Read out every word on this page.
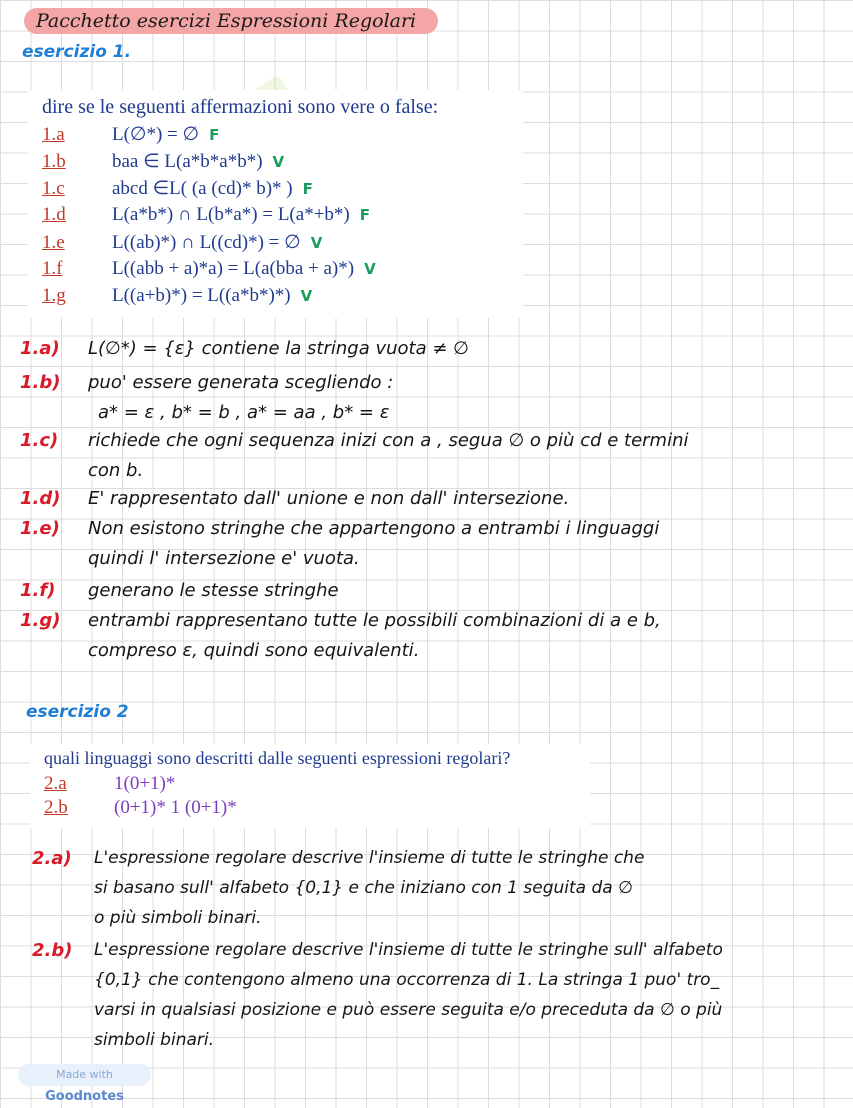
Pacchetto esercizi Espressioni Regolari
esercizio 1.

dire se le seguenti affermazioni sono vere o false:

1.a	L(∅*) = ∅ F
1.b	baa ∈ L(a*b*a*b*) V
1.c	abcd ∈L( (a (cd)* b)* ) F
1.d	L(a*b*) ∩ L(b*a*) = L(a*+b*) F
1.e	L((ab)*) ∩ L((cd)*) = ∅ V
1.f	L((abb + a)*a) = L(a(bba + a)*) V
1.g	L((a+b)*) = L((a*b*)*) V
1.a) L(∅*) = {ε} contiene la stringa vuota ≠ ∅
1.b) puo' essere generata scegliendo :
a* = ε , b* = b , a* = aa , b* = ε
1.c) richiede che ogni sequenza inizi con a , segua ∅ o più cd e termini
con b.
1.d) E' rappresentato dall' unione e non dall' intersezione.
1.e) Non esistono stringhe che appartengono a entrambi i linguaggi
quindi l' intersezione e' vuota.
1.f) generano le stesse stringhe
1.g) entrambi rappresentano tutte le possibili combinazioni di a e b,
compreso ε, quindi sono equivalenti.
esercizio 2

quali linguaggi sono descritti dalle seguenti espressioni regolari?

2.a	1(0+1)*
2.b	(0+1)* 1 (0+1)*
2.a) L'espressione regolare descrive l'insieme di tutte le stringhe che
si basano sull' alfabeto {0,1} e che iniziano con 1 seguita da ∅
o più simboli binari.
2.b) L'espressione regolare descrive l'insieme di tutte le stringhe sull' alfabeto
{0,1} che contengono almeno una occorrenza di 1. La stringa 1 puo' tro_
varsi in qualsiasi posizione e può essere seguita e/o preceduta da ∅ o più
simboli binari.
Made with Goodnotes
